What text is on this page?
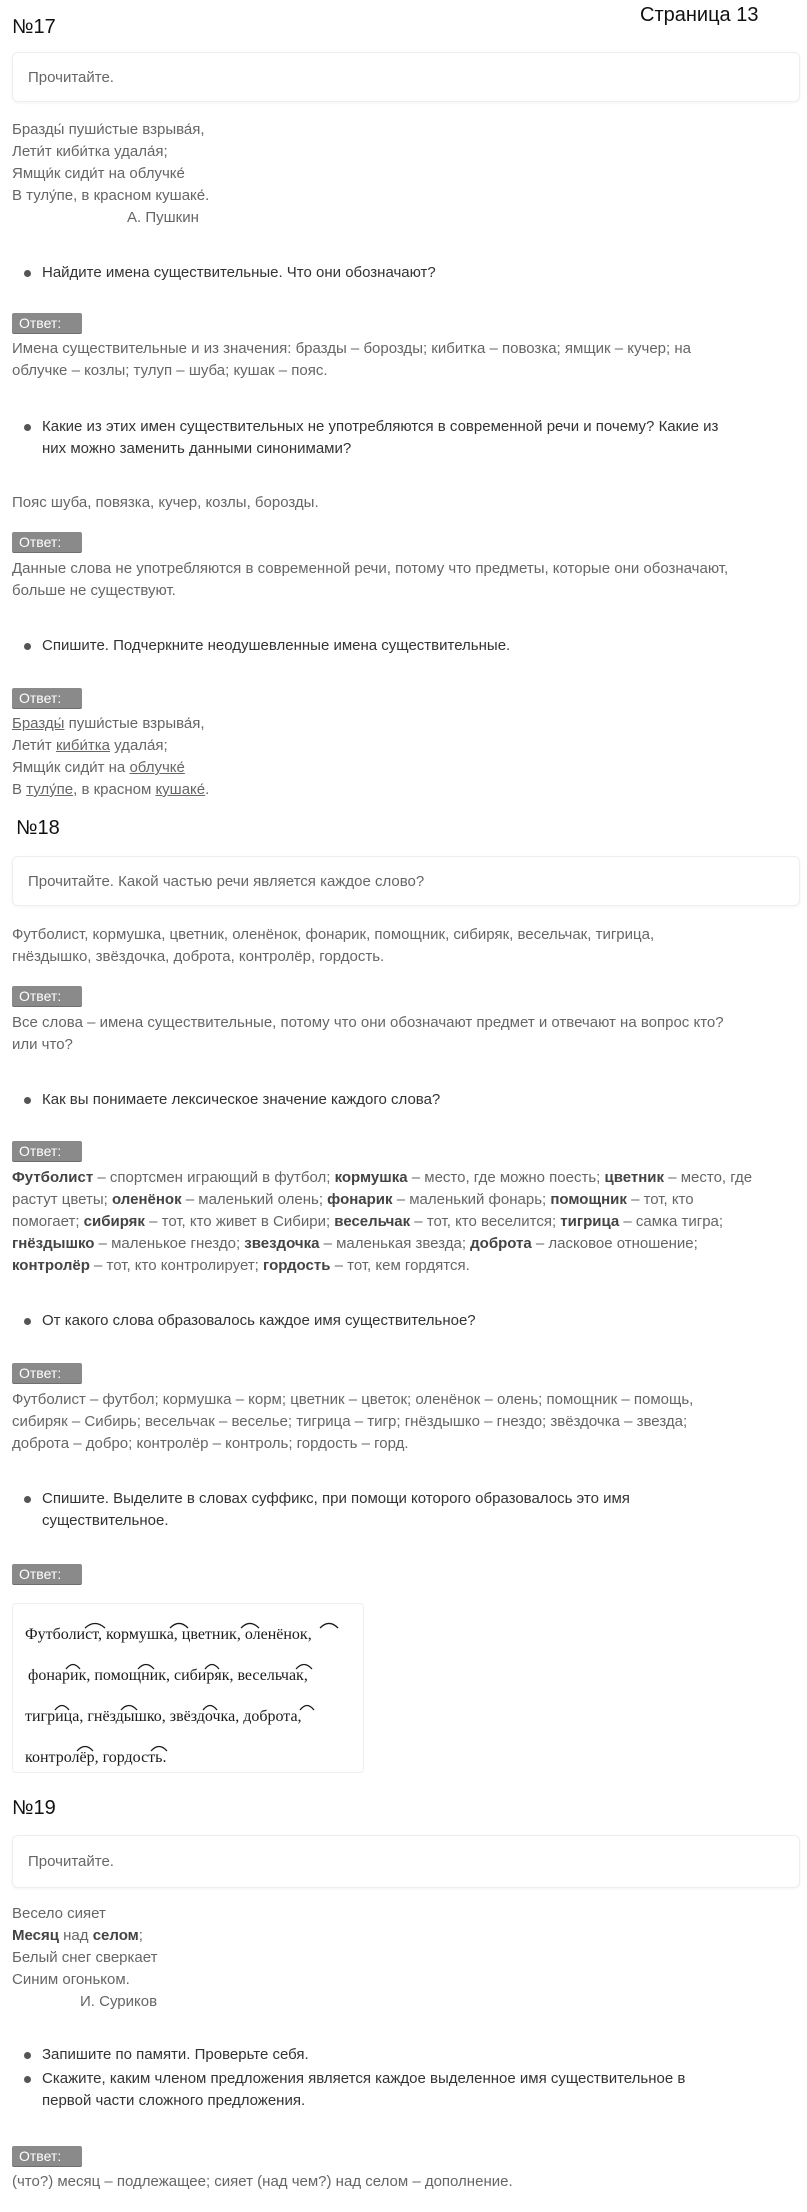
№17
Страница 13
Прочитайте.
Бразды́ пуши́стые взрыва́я,
Лети́т киби́тка удала́я;
Ямщи́к сиди́т на облучке́
В тулу́пе, в красном кушаке́.
А. Пушкин
Найдите имена существительные. Что они обозначают?
Ответ:
Имена существительные и из значения: бразды – борозды; кибитка – повозка; ямщик – кучер; на
облучке – козлы; тулуп – шуба; кушак – пояс.
Какие из этих имен существительных не употребляются в современной речи и почему? Какие из
них можно заменить данными синонимами?
Пояс шуба, повязка, кучер, козлы, борозды.
Ответ:
Данные слова не употребляются в современной речи, потому что предметы, которые они обозначают,
больше не существуют.
Спишите. Подчеркните неодушевленные имена существительные.
Ответ:
Бразды́ пуши́стые взрыва́я,
Лети́т киби́тка удала́я;
Ямщи́к сиди́т на облучке́
В тулу́пе, в красном кушаке́.
№18
Прочитайте. Какой частью речи является каждое слово?
Футболист, кормушка, цветник, оленёнок, фонарик, помощник, сибиряк, весельчак, тигрица,
гнёздышко, звёздочка, доброта, контролёр, гордость.
Ответ:
Все слова – имена существительные, потому что они обозначают предмет и отвечают на вопрос кто?
или что?
Как вы понимаете лексическое значение каждого слова?
Ответ:
Футболист – спортсмен играющий в футбол; кормушка – место, где можно поесть; цветник – место, где
растут цветы; оленёнок – маленький олень; фонарик – маленький фонарь; помощник – тот, кто
помогает; сибиряк – тот, кто живет в Сибири; весельчак – тот, кто веселится; тигрица – самка тигра;
гнёздышко – маленькое гнездо; звездочка – маленькая звезда; доброта – ласковое отношение;
контролёр – тот, кто контролирует; гордость – тот, кем гордятся.
От какого слова образовалось каждое имя существительное?
Ответ:
Футболист – футбол; кормушка – корм; цветник – цветок; оленёнок – олень; помощник – помощь,
сибиряк – Сибирь; весельчак – веселье; тигрица – тигр; гнёздышко – гнездо; звёздочка – звезда;
доброта – добро; контролёр – контроль; гордость – горд.
Спишите. Выделите в словах суффикс, при помощи которого образовалось это имя
существительное.
Ответ:
Футболист, кормушка, цветник, оленёнок,
фонарик, помощник, сибиряк, весельчак,
тигрица, гнёздышко, звёздочка, доброта,
контролёр, гордость.
№19
Прочитайте.
Весело сияет
Месяц над селом;
Белый снег сверкает
Синим огоньком.
И. Суриков
Запишите по памяти. Проверьте себя.
Скажите, каким членом предложения является каждое выделенное имя существительное в
первой части сложного предложения.
Ответ:
(что?) месяц – подлежащее; сияет (над чем?) над селом – дополнение.
